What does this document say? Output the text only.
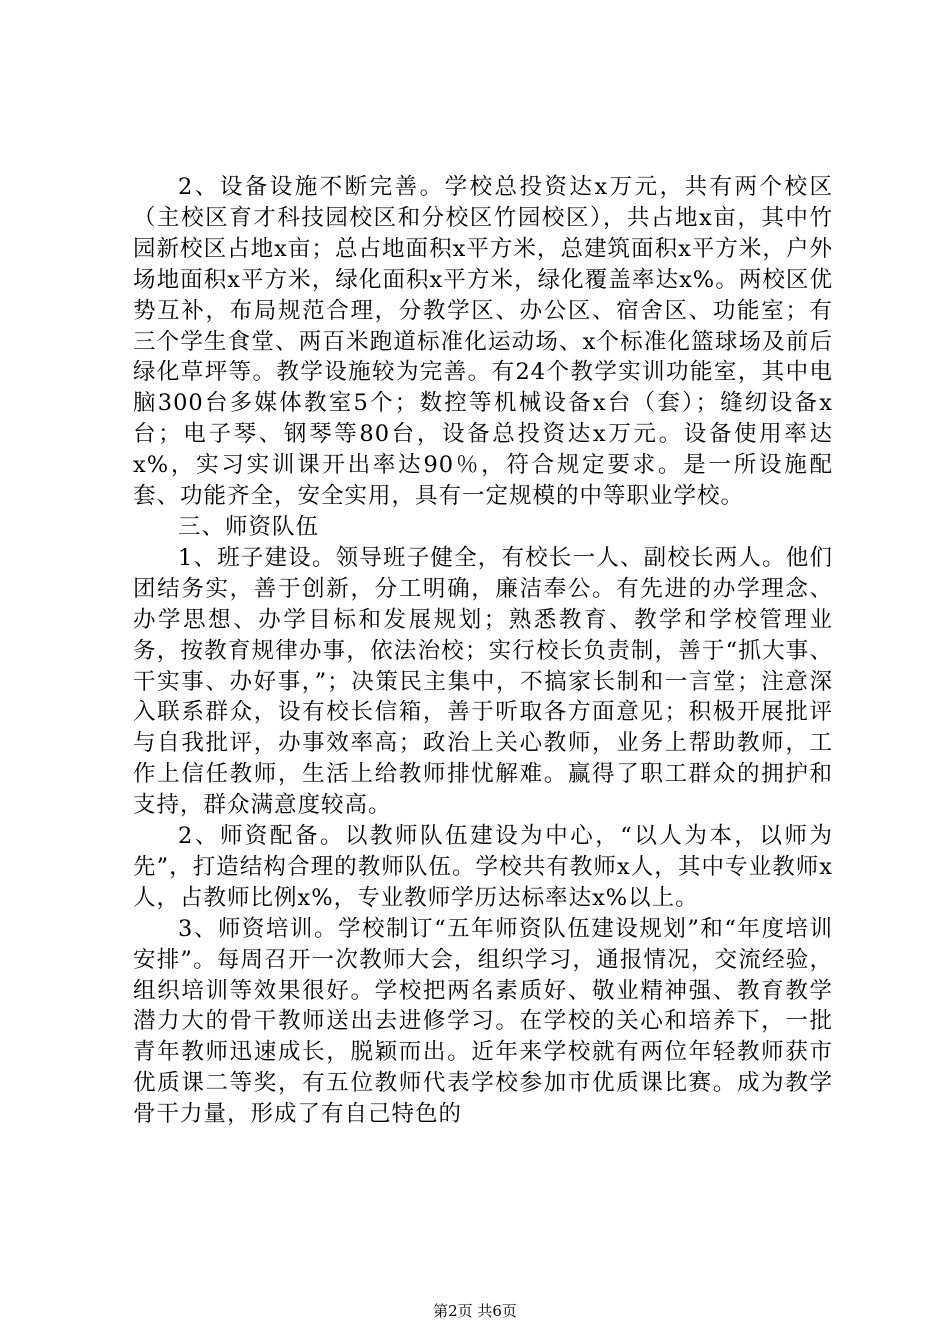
2、设备设施不断完善。学校总投资达x万元，共有两个校区（主校区育才科技园校区和分校区竹园校区），共占地x亩，其中竹园新校区占地x亩；总占地面积x平方米，总建筑面积x平方米，户外场地面积x平方米，绿化面积x平方米，绿化覆盖率达x%。两校区优势互补，布局规范合理，分教学区、办公区、宿舍区、功能室；有三个学生食堂、两百米跑道标准化运动场、x个标准化篮球场及前后绿化草坪等。教学设施较为完善。有24个教学实训功能室，其中电脑300台多媒体教室5个；数控等机械设备x台（套）；缝纫设备x台；电子琴、钢琴等80台，设备总投资达x万元。设备使用率达x%，实习实训课开出率达90％，符合规定要求。是一所设施配套、功能齐全，安全实用，具有一定规模的中等职业学校。

三、师资队伍

1、班子建设。领导班子健全，有校长一人、副校长两人。他们团结务实，善于创新，分工明确，廉洁奉公。有先进的办学理念、办学思想、办学目标和发展规划；熟悉教育、教学和学校管理业务，按教育规律办事，依法治校；实行校长负责制，善于“抓大事、干实事、办好事，”；决策民主集中，不搞家长制和一言堂；注意深入联系群众，设有校长信箱，善于听取各方面意见；积极开展批评与自我批评，办事效率高；政治上关心教师，业务上帮助教师，工作上信任教师，生活上给教师排忧解难。赢得了职工群众的拥护和支持，群众满意度较高。

2、师资配备。以教师队伍建设为中心，“以人为本，以师为先”，打造结构合理的教师队伍。学校共有教师x人，其中专业教师x人，占教师比例x%，专业教师学历达标率达x%以上。

3、师资培训。学校制订“五年师资队伍建设规划”和“年度培训安排”。每周召开一次教师大会，组织学习，通报情况，交流经验，组织培训等效果很好。学校把两名素质好、敬业精神强、教育教学潜力大的骨干教师送出去进修学习。在学校的关心和培养下，一批青年教师迅速成长，脱颖而出。近年来学校就有两位年轻教师获市优质课二等奖，有五位教师代表学校参加市优质课比赛。成为教学骨干力量，形成了有自己特色的

第2页 共6页
